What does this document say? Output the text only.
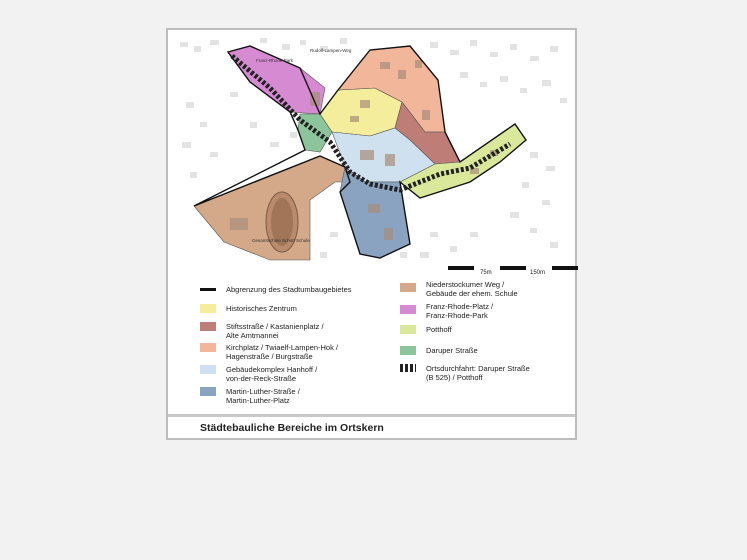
Rudolf-Lampen-Weg
Franz-Rhode-Park
Gesamtschule Schott Schule
75m	150m
Abgrenzung des Stadtumbaugebietes
Historisches Zentrum
Stiftsstraße / Kastanienplatz /
Alte Amtmannei
Kirchplatz / Twiaelf-Lampen-Hok /
Hagenstraße / Burgstraße
Gebäudekomplex Hanhoff /
von-der-Reck-Straße
Martin-Luther-Straße /
Martin-Luther-Platz
Niederstockumer Weg /
Gebäude der ehem. Schule
Franz-Rhode-Platz /
Franz-Rhode-Park
Potthoff
Daruper Straße
Ortsdurchfahrt: Daruper Straße
(B 525) / Potthoff
Städtebauliche Bereiche im Ortskern
